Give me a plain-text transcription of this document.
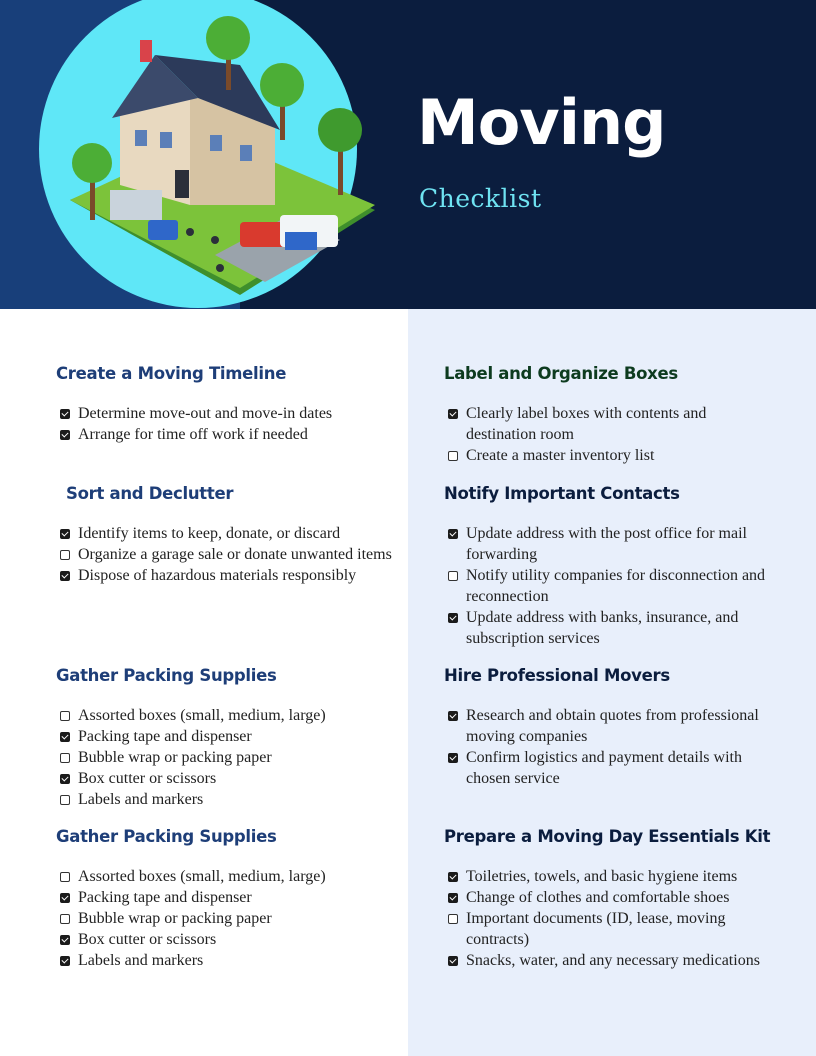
Moving
Checklist
Create a Moving Timeline
Determine move-out and move-in dates
Arrange for time off work if needed
Sort and Declutter
Identify items to keep, donate, or discard
Organize a garage sale or donate unwanted items
Dispose of hazardous materials responsibly
Gather Packing Supplies
Assorted boxes (small, medium, large)
Packing tape and dispenser
Bubble wrap or packing paper
Box cutter or scissors
Labels and markers
Gather Packing Supplies
Assorted boxes (small, medium, large)
Packing tape and dispenser
Bubble wrap or packing paper
Box cutter or scissors
Labels and markers
Label and Organize Boxes
Clearly label boxes with contents and destination room
Create a master inventory list
Notify Important Contacts
Update address with the post office for mail forwarding
Notify utility companies for disconnection and reconnection
Update address with banks, insurance, and subscription services
Hire Professional Movers
Research and obtain quotes from professional moving companies
Confirm logistics and payment details with chosen service
Prepare a Moving Day Essentials Kit
Toiletries, towels, and basic hygiene items
Change of clothes and comfortable shoes
Important documents (ID, lease, moving contracts)
Snacks, water, and any necessary medications
